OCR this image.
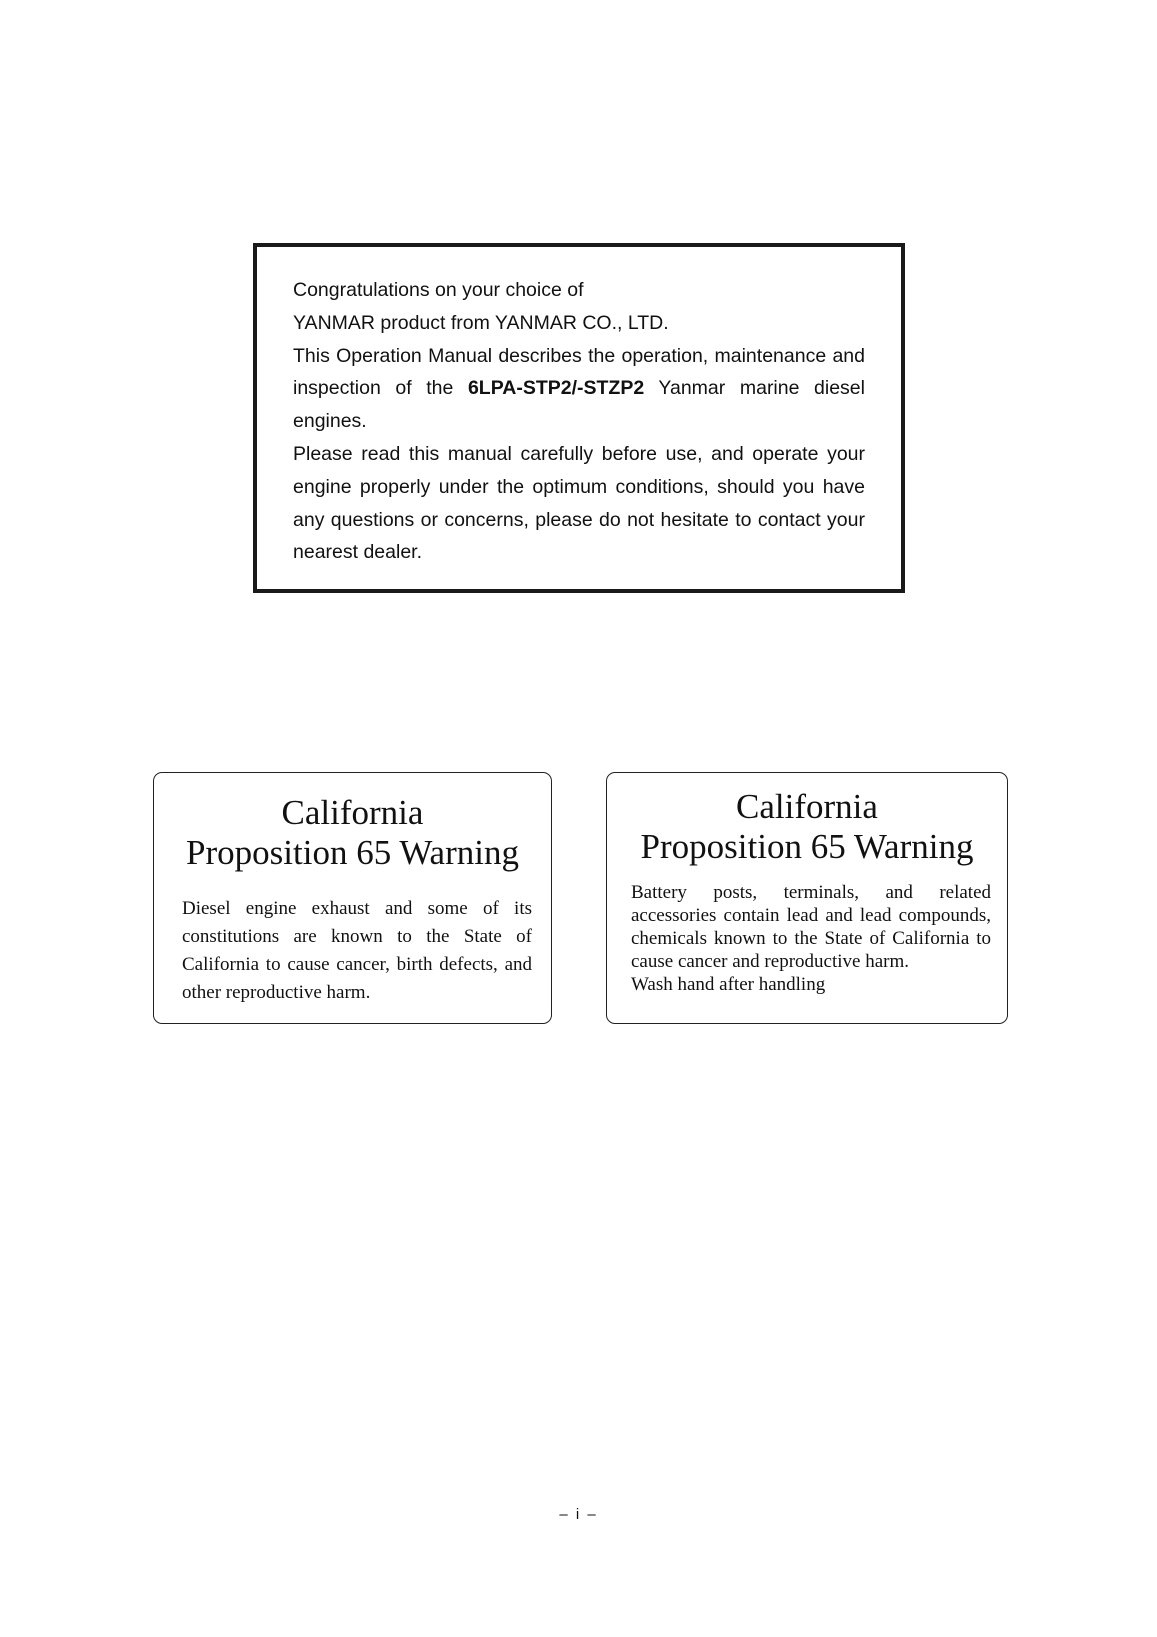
Congratulations on your choice of

YANMAR product from YANMAR CO., LTD.

This Operation Manual describes the operation, maintenance and inspection of the 6LPA-STP2/-STZP2 Yanmar marine diesel engines.

Please read this manual carefully before use, and operate your engine properly under the optimum conditions, should you have any questions or concerns, please do not hesitate to contact your nearest dealer.

California
Proposition 65 Warning

Diesel engine exhaust and some of its constitutions are known to the State of California to cause cancer, birth defects, and other reproductive harm.

California
Proposition 65 Warning

Battery posts, terminals, and related accessories contain lead and lead compounds, chemicals known to the State of California to cause cancer and reproductive harm.

Wash hand after handling

– i –
